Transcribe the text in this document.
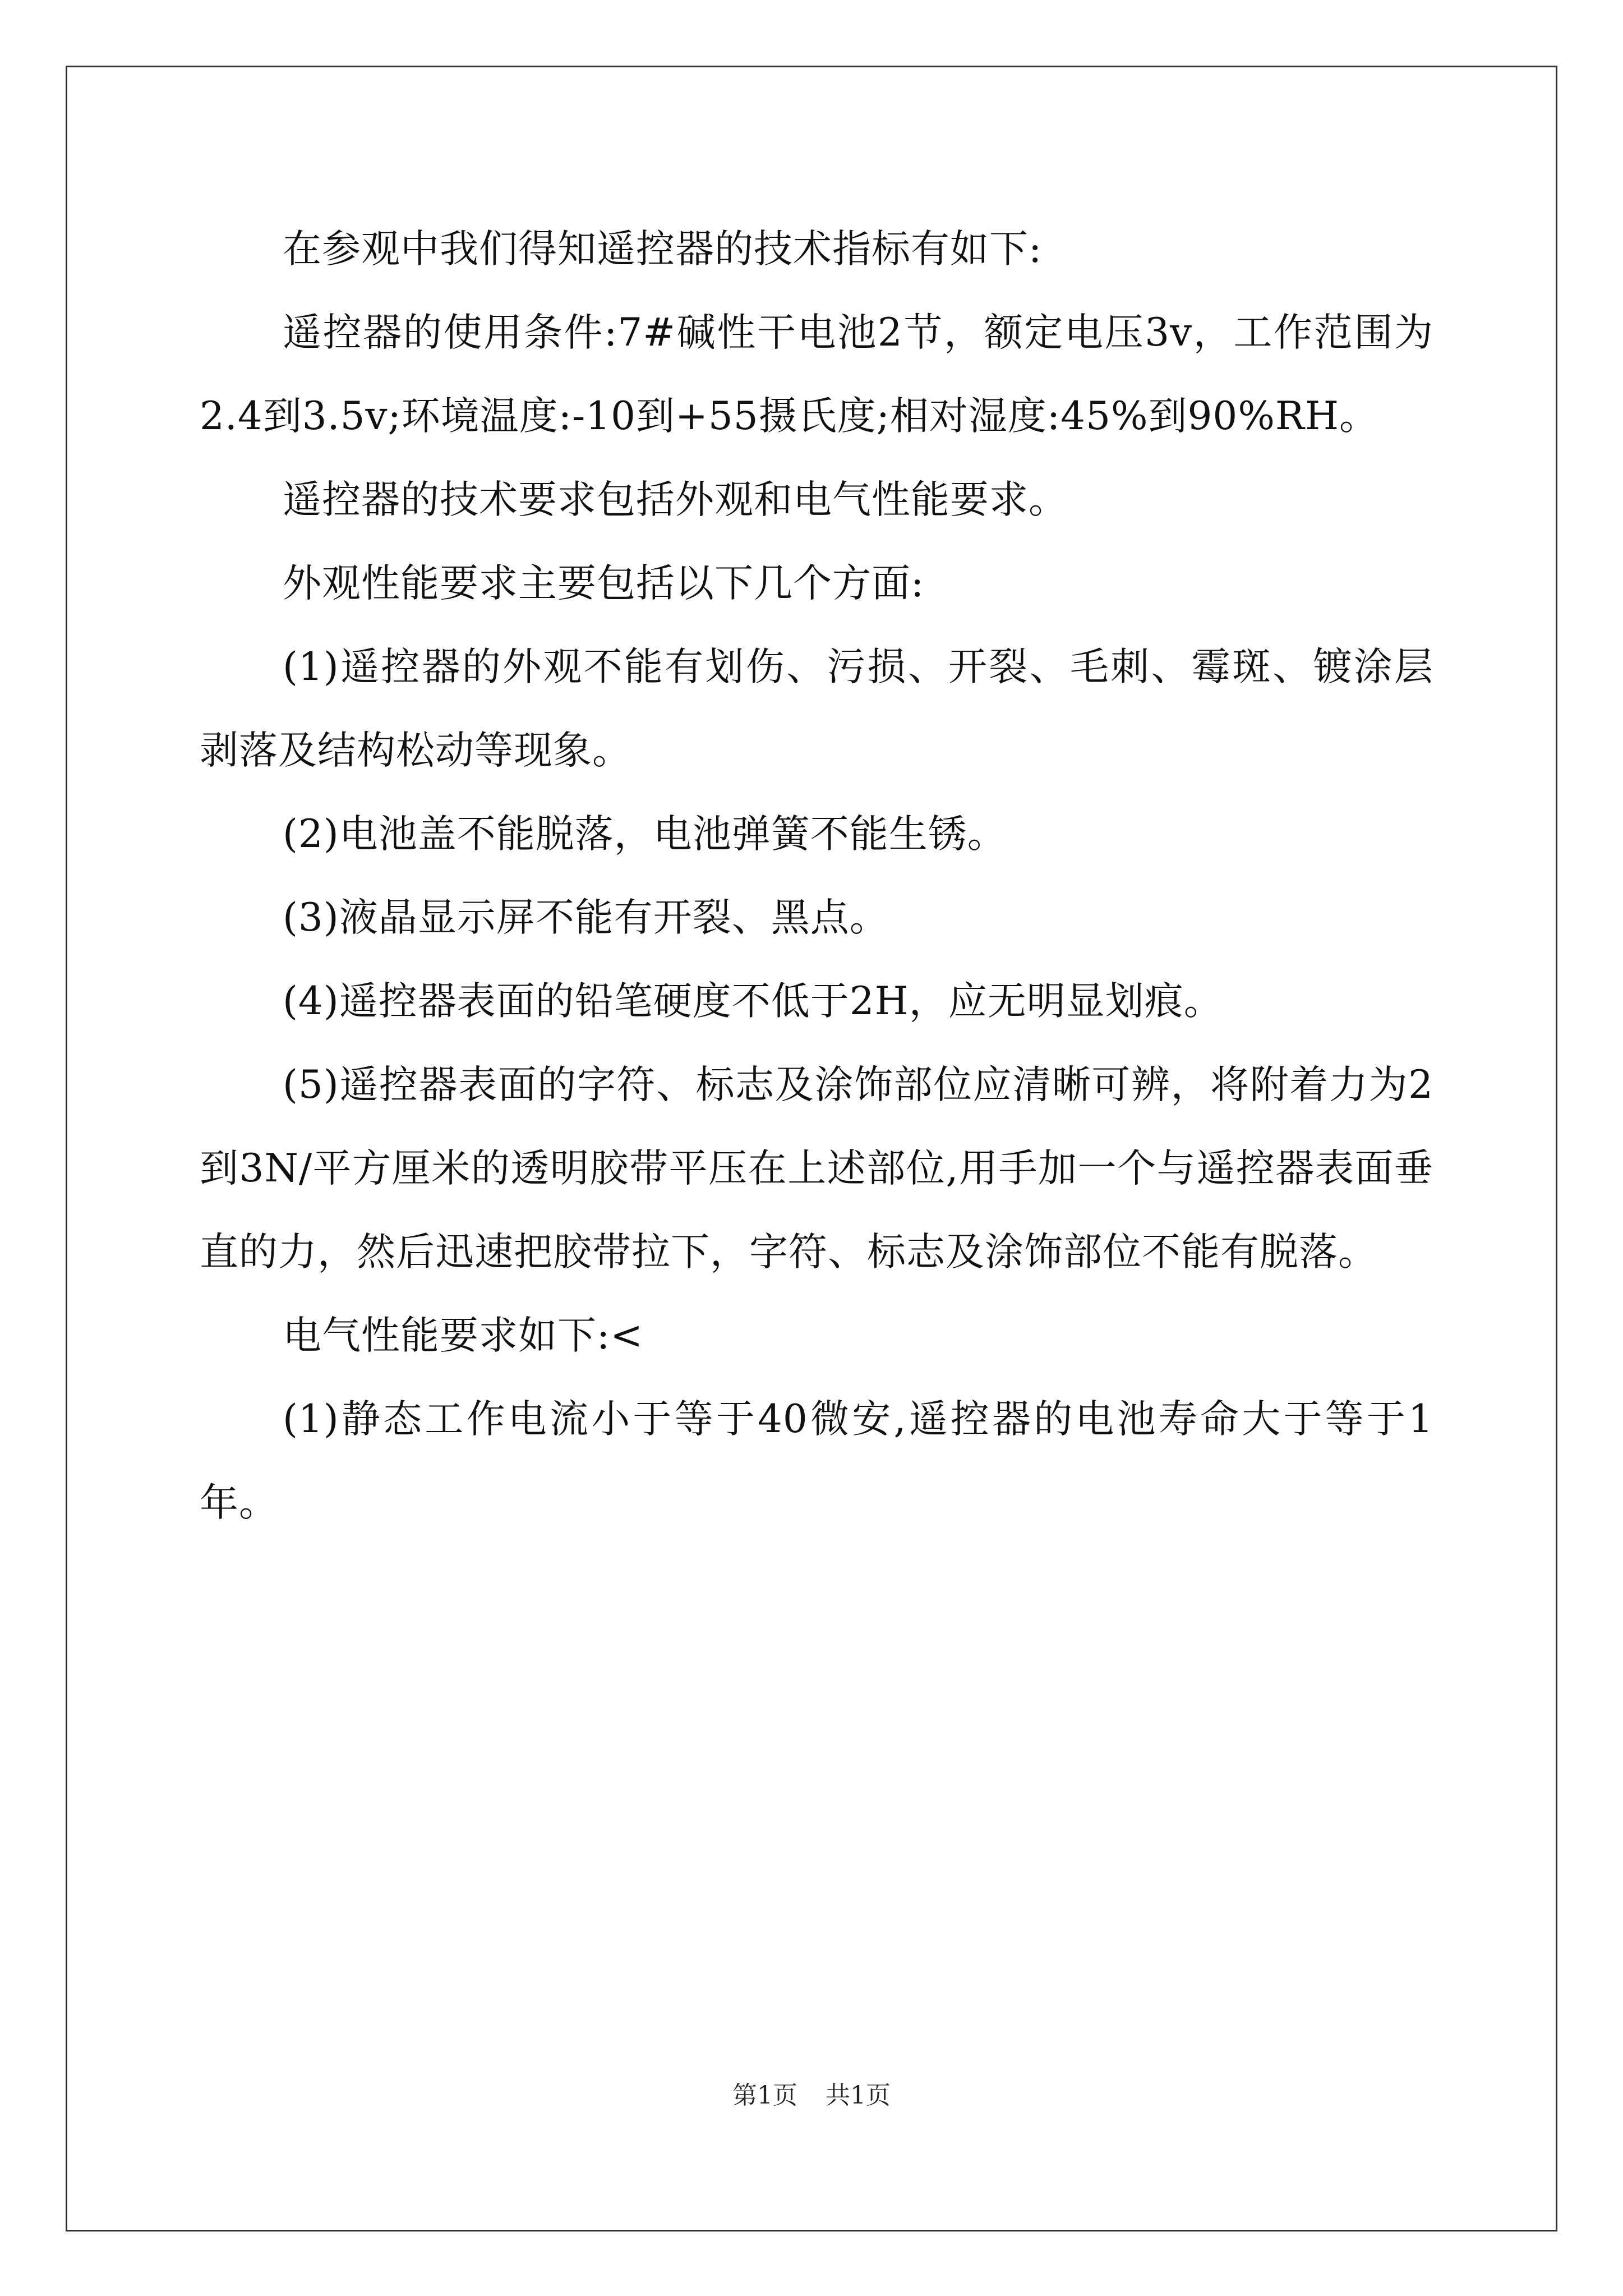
在参观中我们得知遥控器的技术指标有如下:

遥控器的使用条件:7#碱性干电池2节，额定电压3v，工作范围为2.4到3.5v;环境温度:-10到+55摄氏度;相对湿度:45%到90%RH。

遥控器的技术要求包括外观和电气性能要求。

外观性能要求主要包括以下几个方面:

(1)遥控器的外观不能有划伤、污损、开裂、毛刺、霉斑、镀涂层剥落及结构松动等现象。

(2)电池盖不能脱落，电池弹簧不能生锈。

(3)液晶显示屏不能有开裂、黑点。

(4)遥控器表面的铅笔硬度不低于2H，应无明显划痕。

(5)遥控器表面的字符、标志及涂饰部位应清晰可辨，将附着力为2到3N/平方厘米的透明胶带平压在上述部位,用手加一个与遥控器表面垂直的力，然后迅速把胶带拉下，字符、标志及涂饰部位不能有脱落。

电气性能要求如下:<

(1)静态工作电流小于等于40微安,遥控器的电池寿命大于等于1年。

第1页 共1页
